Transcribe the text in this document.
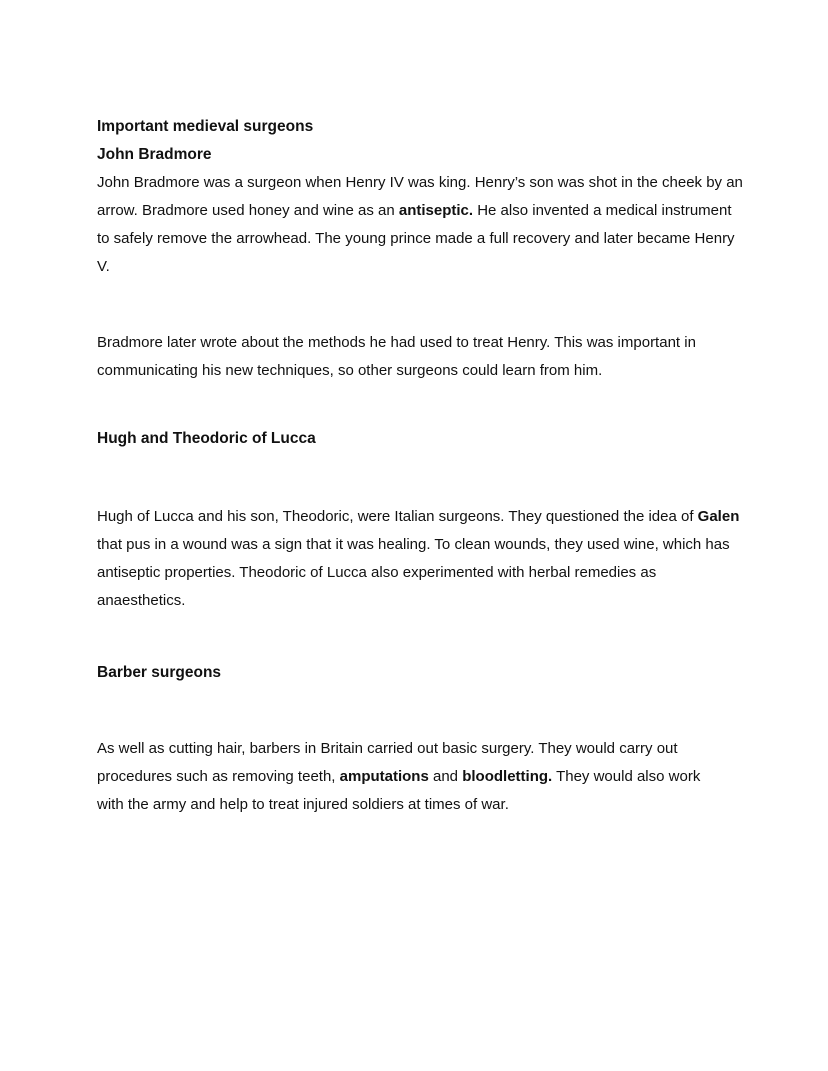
Important medieval surgeons
John Bradmore
John Bradmore was a surgeon when Henry IV was king. Henry’s son was shot in the cheek by an
arrow. Bradmore used honey and wine as an antiseptic. He also invented a medical instrument
to safely remove the arrowhead. The young prince made a full recovery and later became Henry
V.
Bradmore later wrote about the methods he had used to treat Henry. This was important in
communicating his new techniques, so other surgeons could learn from him.
Hugh and Theodoric of Lucca
Hugh of Lucca and his son, Theodoric, were Italian surgeons. They questioned the idea of Galen
that pus in a wound was a sign that it was healing. To clean wounds, they used wine, which has
antiseptic properties. Theodoric of Lucca also experimented with herbal remedies as
anaesthetics.
Barber surgeons
As well as cutting hair, barbers in Britain carried out basic surgery. They would carry out
procedures such as removing teeth, amputations and bloodletting. They would also work
with the army and help to treat injured soldiers at times of war.
